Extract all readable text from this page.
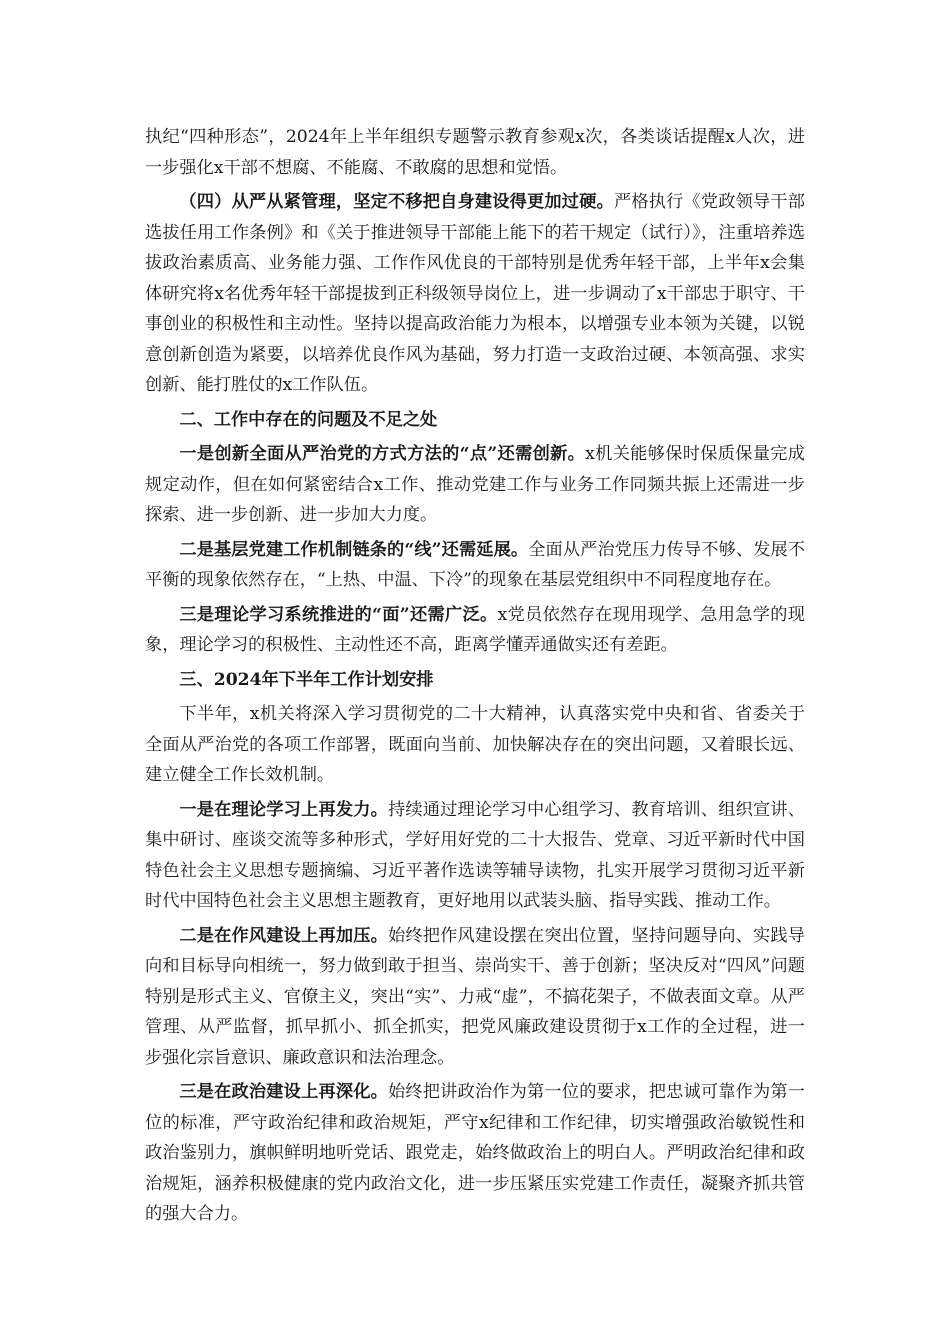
执纪“四种形态”，2024年上半年组织专题警示教育参观x次，各类谈话提醒x人次，进一步强化x干部不想腐、不能腐、不敢腐的思想和觉悟。

（四）从严从紧管理，坚定不移把自身建设得更加过硬。严格执行《党政领导干部选拔任用工作条例》和《关于推进领导干部能上能下的若干规定（试行）》，注重培养选拔政治素质高、业务能力强、工作作风优良的干部特别是优秀年轻干部，上半年x会集体研究将x名优秀年轻干部提拔到正科级领导岗位上，进一步调动了x干部忠于职守、干事创业的积极性和主动性。坚持以提高政治能力为根本，以增强专业本领为关键，以锐意创新创造为紧要，以培养优良作风为基础，努力打造一支政治过硬、本领高强、求实创新、能打胜仗的x工作队伍。

二、工作中存在的问题及不足之处

一是创新全面从严治党的方式方法的“点”还需创新。x机关能够保时保质保量完成规定动作，但在如何紧密结合x工作、推动党建工作与业务工作同频共振上还需进一步探索、进一步创新、进一步加大力度。

二是基层党建工作机制链条的“线”还需延展。全面从严治党压力传导不够、发展不平衡的现象依然存在，“上热、中温、下冷”的现象在基层党组织中不同程度地存在。

三是理论学习系统推进的“面”还需广泛。x党员依然存在现用现学、急用急学的现象，理论学习的积极性、主动性还不高，距离学懂弄通做实还有差距。

三、2024年下半年工作计划安排

下半年，x机关将深入学习贯彻党的二十大精神，认真落实党中央和省、省委关于全面从严治党的各项工作部署，既面向当前、加快解决存在的突出问题，又着眼长远、建立健全工作长效机制。

一是在理论学习上再发力。持续通过理论学习中心组学习、教育培训、组织宣讲、集中研讨、座谈交流等多种形式，学好用好党的二十大报告、党章、习近平新时代中国特色社会主义思想专题摘编、习近平著作选读等辅导读物，扎实开展学习贯彻习近平新时代中国特色社会主义思想主题教育，更好地用以武装头脑、指导实践、推动工作。

二是在作风建设上再加压。始终把作风建设摆在突出位置，坚持问题导向、实践导向和目标导向相统一，努力做到敢于担当、崇尚实干、善于创新；坚决反对“四风”问题特别是形式主义、官僚主义，突出“实”、力戒“虚”，不搞花架子，不做表面文章。从严管理、从严监督，抓早抓小、抓全抓实，把党风廉政建设贯彻于x工作的全过程，进一步强化宗旨意识、廉政意识和法治理念。

三是在政治建设上再深化。始终把讲政治作为第一位的要求，把忠诚可靠作为第一位的标准，严守政治纪律和政治规矩，严守x纪律和工作纪律，切实增强政治敏锐性和政治鉴别力，旗帜鲜明地听党话、跟党走，始终做政治上的明白人。严明政治纪律和政治规矩，涵养积极健康的党内政治文化，进一步压紧压实党建工作责任，凝聚齐抓共管的强大合力。
